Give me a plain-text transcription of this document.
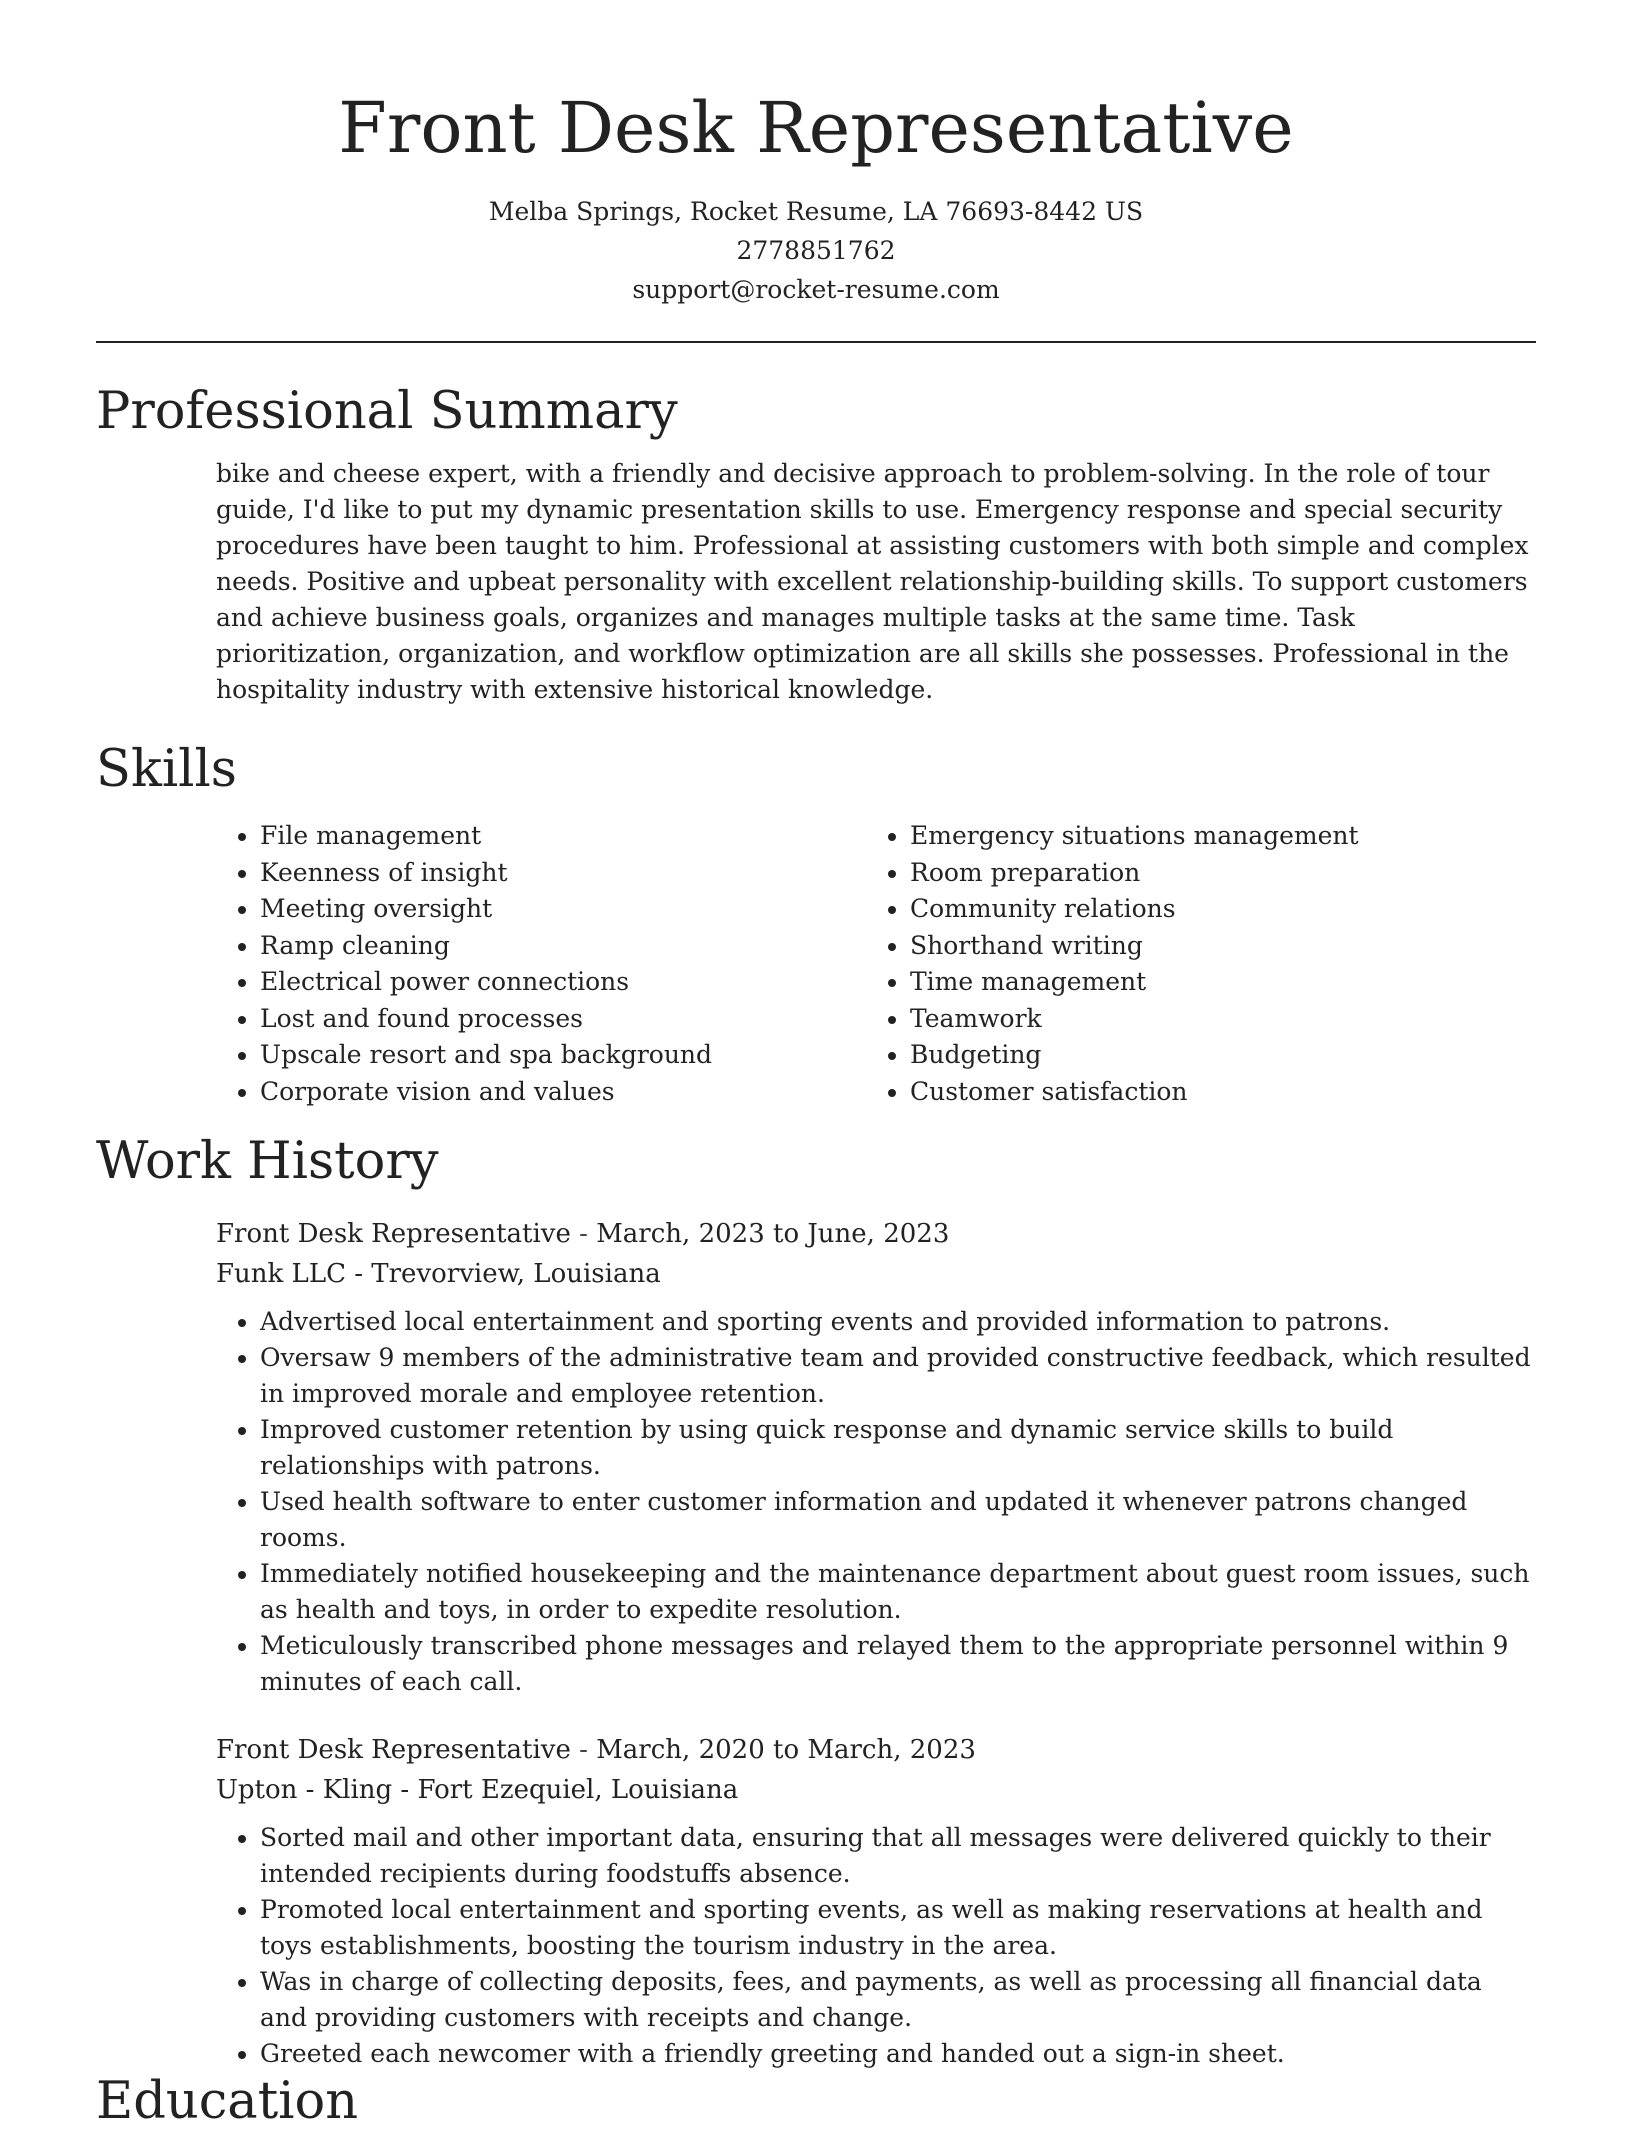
Front Desk Representative
Melba Springs, Rocket Resume, LA 76693-8442 US
2778851762
support@rocket-resume.com
Professional Summary

bike and cheese expert, with a friendly and decisive approach to problem-solving. In the role of tour guide, I'd like to put my dynamic presentation skills to use. Emergency response and special security procedures have been taught to him. Professional at assisting customers with both simple and complex needs. Positive and upbeat personality with excellent relationship-building skills. To support customers and achieve business goals, organizes and manages multiple tasks at the same time. Task prioritization, organization, and workflow optimization are all skills she possesses. Professional in the hospitality industry with extensive historical knowledge.

Skills
• File management
• Keenness of insight
• Meeting oversight
• Ramp cleaning
• Electrical power connections
• Lost and found processes
• Upscale resort and spa background
• Corporate vision and values
• Emergency situations management
• Room preparation
• Community relations
• Shorthand writing
• Time management
• Teamwork
• Budgeting
• Customer satisfaction
Work History
Front Desk Representative - March, 2023 to June, 2023
Funk LLC - Trevorview, Louisiana
• Advertised local entertainment and sporting events and provided information to patrons.
• Oversaw 9 members of the administrative team and provided constructive feedback, which resulted in improved morale and employee retention.
• Improved customer retention by using quick response and dynamic service skills to build relationships with patrons.
• Used health software to enter customer information and updated it whenever patrons changed rooms.
• Immediately notified housekeeping and the maintenance department about guest room issues, such as health and toys, in order to expedite resolution.
• Meticulously transcribed phone messages and relayed them to the appropriate personnel within 9 minutes of each call.
Front Desk Representative - March, 2020 to March, 2023
Upton - Kling - Fort Ezequiel, Louisiana
• Sorted mail and other important data, ensuring that all messages were delivered quickly to their intended recipients during foodstuffs absence.
• Promoted local entertainment and sporting events, as well as making reservations at health and toys establishments, boosting the tourism industry in the area.
• Was in charge of collecting deposits, fees, and payments, as well as processing all financial data and providing customers with receipts and change.
• Greeted each newcomer with a friendly greeting and handed out a sign-in sheet.
Education
